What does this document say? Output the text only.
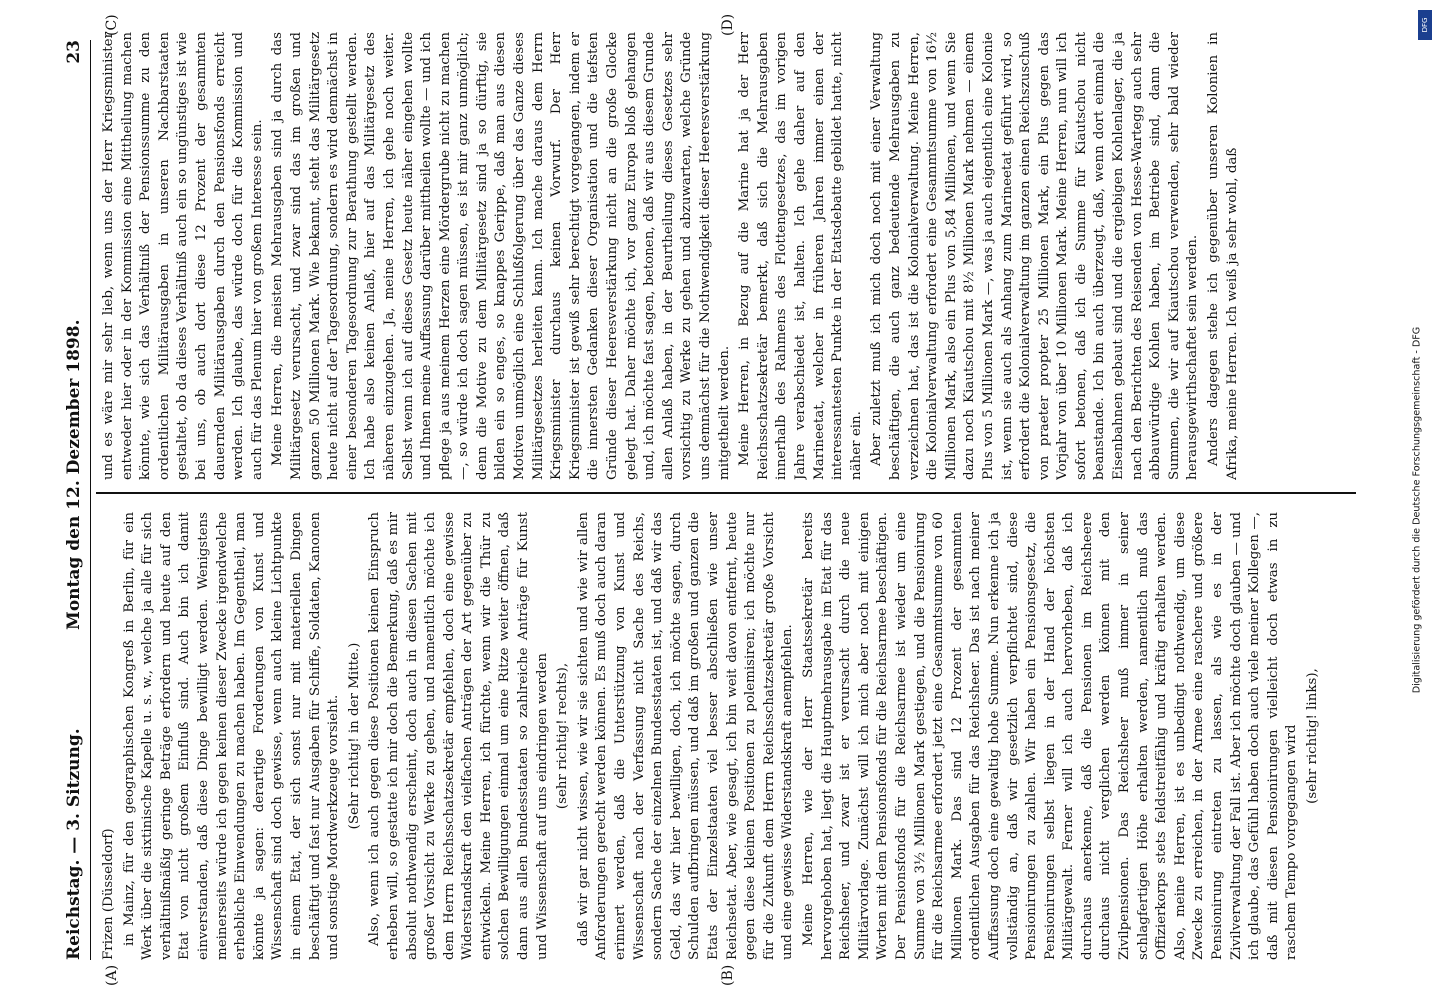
Reichstag. — 3. Sitzung.
Montag den 12. Dezember 1898.
23
(A)	(B)
(C)	(D)

Frizen (Düsseldorf) in Mainz, für den geographischen Kongreß in Berlin, für ein Werk über die sixtinische Kapelle u. s. w., welche ja alle für sich verhältnißmäßig geringe Beträge erfordern und heute auf den Etat von nicht großem Einfluß sind. Auch bin ich damit einverstanden, daß diese Dinge bewilligt werden. Wenigstens meinerseits würde ich gegen keinen dieser Zwecke irgendwelche erhebliche Einwendungen zu machen haben. Im Gegentheil, man könnte ja sagen: derartige Forderungen von Kunst und Wissenschaft sind doch gewisse, wenn auch kleine Lichtpunkte in einem Etat, der sich sonst nur mit materiellen Dingen beschäftigt und fast nur Ausgaben für Schiffe, Soldaten, Kanonen und sonstige Mordwerkzeuge vorsieht. (Sehr richtig! in der Mitte.) Also, wenn ich auch gegen diese Positionen keinen Einspruch erheben will, so gestatte ich mir doch die Bemerkung, daß es mir absolut nothwendig erscheint, doch auch in diesen Sachen mit großer Vorsicht zu Werke zu gehen, und namentlich möchte ich dem Herrn Reichsschatzsekretär empfehlen, doch eine gewisse Widerstandskraft den vielfachen Anträgen der Art gegenüber zu entwickeln. Meine Herren, ich fürchte, wenn wir die Thür zu solchen Bewilligungen einmal um eine Ritze weiter öffnen, daß dann aus allen Bundesstaaten so zahlreiche Anträge für Kunst und Wissenschaft auf uns eindringen werden (sehr richtig! rechts), daß wir gar nicht wissen, wie wir sie sichten und wie wir allen Anforderungen gerecht werden können. Es muß doch auch daran erinnert werden, daß die Unterstützung von Kunst und Wissenschaft nach der Verfassung nicht Sache des Reichs, sondern Sache der einzelnen Bundesstaaten ist, und daß wir das Geld, das wir hier bewilligen, doch, ich möchte sagen, durch Schulden aufbringen müssen, und daß im großen und ganzen die Etats der Einzelstaaten viel besser abschließen wie unser Reichsetat. Aber, wie gesagt, ich bin weit davon entfernt, heute gegen diese kleinen Positionen zu polemisiren; ich möchte nur für die Zukunft dem Herrn Reichsschatzsekretär große Vorsicht und eine gewisse Widerstandskraft anempfehlen. Meine Herren, wie der Herr Staatssekretär bereits hervorgehoben hat, liegt die Hauptmehrausgabe im Etat für das Reichsheer, und zwar ist er verursacht durch die neue Militärvorlage. Zunächst will ich mich aber noch mit einigen Worten mit dem Pensionsfonds für die Reichsarmee beschäftigen. Der Pensionsfonds für die Reichsarmee ist wieder um eine Summe von 3½ Millionen Mark gestiegen, und die Pensionirung für die Reichsarmee erfordert jetzt eine Gesammtsumme von 60 Millionen Mark. Das sind 12 Prozent der gesammten ordentlichen Ausgaben für das Reichsheer. Das ist nach meiner Auffassung doch eine gewaltig hohe Summe. Nun erkenne ich ja vollständig an, daß wir gesetzlich verpflichtet sind, diese Pensionirungen zu zahlen. Wir haben ein Pensionsgesetz, die Pensionirungen selbst liegen in der Hand der höchsten Militärgewalt. Ferner will ich auch hervorheben, daß ich durchaus anerkenne, daß die Pensionen im Reichsheere durchaus nicht verglichen werden können mit den Zivilpensionen. Das Reichsheer muß immer in seiner schlagfertigen Höhe erhalten werden, namentlich muß das Offizierkorps stets feldstreitfähig und kräftig erhalten werden. Also, meine Herren, ist es unbedingt nothwendig, um diese Zwecke zu erreichen, in der Armee eine raschere und größere Pensionirung eintreten zu lassen, als wie es in der Zivilverwaltung der Fall ist. Aber ich möchte doch glauben — und ich glaube, das Gefühl haben doch auch viele meiner Kollegen —, daß mit diesen Pensionirungen vielleicht doch etwas in zu raschem Tempo vorgegangen wird (sehr richtig! links),

und es wäre mir sehr lieb, wenn uns der Herr Kriegsminister entweder hier oder in der Kommission eine Mittheilung machen könnte, wie sich das Verhältniß der Pensionssumme zu den ordentlichen Militärausgaben in unseren Nachbarstaaten gestaltet, ob da dieses Verhältniß auch ein so ungünstiges ist wie bei uns, ob auch dort diese 12 Prozent der gesammten dauernden Militärausgaben durch den Pensionsfonds erreicht werden. Ich glaube, das würde doch für die Kommission und auch für das Plenum hier von großem Interesse sein. Meine Herren, die meisten Mehrausgaben sind ja durch das Militärgesetz verursacht, und zwar sind das im großen und ganzen 50 Millionen Mark. Wie bekannt, steht das Militärgesetz heute nicht auf der Tagesordnung, sondern es wird demnächst in einer besonderen Tagesordnung zur Berathung gestellt werden. Ich habe also keinen Anlaß, hier auf das Militärgesetz des näheren einzugehen. Ja, meine Herren, ich gehe noch weiter. Selbst wenn ich auf dieses Gesetz heute näher eingehen wollte und Ihnen meine Auffassung darüber mittheilen wollte — und ich pflege ja aus meinem Herzen eine Mördergrube nicht zu machen —, so würde ich doch sagen müssen, es ist mir ganz unmöglich; denn die Motive zu dem Militärgesetz sind ja so dürftig, sie bilden ein so enges, so knappes Gerippe, daß man aus diesen Motiven unmöglich eine Schlußfolgerung über das Ganze dieses Militärgesetzes herleiten kann. Ich mache daraus dem Herrn Kriegsminister durchaus keinen Vorwurf. Der Herr Kriegsminister ist gewiß sehr berechtigt vorgegangen, indem er die innersten Gedanken dieser Organisation und die tiefsten Gründe dieser Heeresverstärkung nicht an die große Glocke gelegt hat. Daher möchte ich, vor ganz Europa bloß gehangen und, ich möchte fast sagen, betonen, daß wir aus diesem Grunde allen Anlaß haben, in der Beurtheilung dieses Gesetzes sehr vorsichtig zu Werke zu gehen und abzuwarten, welche Gründe uns demnächst für die Nothwendigkeit dieser Heeresverstärkung mitgetheilt werden. Meine Herren, in Bezug auf die Marine hat ja der Herr Reichsschatzsekretär bemerkt, daß sich die Mehrausgaben innerhalb des Rahmens des Flottengesetzes, das im vorigen Jahre verabschiedet ist, halten. Ich gehe daher auf den Marineetat, welcher in früheren Jahren immer einen der interessantesten Punkte in der Etatsdebatte gebildet hatte, nicht näher ein. Aber zuletzt muß ich mich doch noch mit einer Verwaltung beschäftigen, die auch ganz bedeutende Mehrausgaben zu verzeichnen hat, das ist die Kolonialverwaltung. Meine Herren, die Kolonialverwaltung erfordert eine Gesammtsumme von 16½ Millionen Mark, also ein Plus von 5,84 Millionen, und wenn Sie dazu noch Kiautschou mit 8½ Millionen Mark nehmen — einem Plus von 5 Millionen Mark —, was ja auch eigentlich eine Kolonie ist, wenn sie auch als Anhang zum Marineetat geführt wird, so erfordert die Kolonialverwaltung im ganzen einen Reichszuschuß von praeter propter 25 Millionen Mark, ein Plus gegen das Vorjahr von über 10 Millionen Mark. Meine Herren, nun will ich sofort betonen, daß ich die Summe für Kiautschou nicht beanstande. Ich bin auch überzeugt, daß, wenn dort einmal die Eisenbahnen gebaut sind und die ergiebigen Kohlenlager, die ja nach den Berichten des Reisenden von Hesse-Wartegg auch sehr abbauwürdige Kohlen haben, im Betriebe sind, dann die Summen, die wir auf Kiautschou verwenden, sehr bald wieder herausgewirthschaftet sein werden. Anders dagegen stehe ich gegenüber unseren Kolonien in Afrika, meine Herren. Ich weiß ja sehr wohl, daß

DFG
Digitalisierung gefördert durch die Deutsche Forschungsgemeinschaft - DFG
